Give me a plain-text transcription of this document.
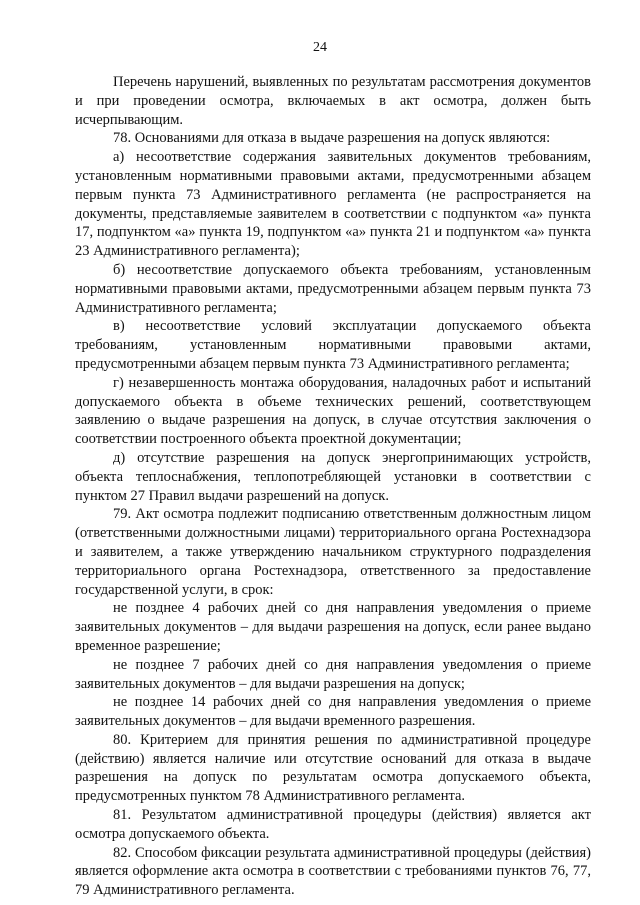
24

Перечень нарушений, выявленных по результатам рассмотрения документов и при проведении осмотра, включаемых в акт осмотра, должен быть исчерпывающим.

78. Основаниями для отказа в выдаче разрешения на допуск являются:

а) несоответствие содержания заявительных документов требованиям, установленным нормативными правовыми актами, предусмотренными абзацем первым пункта 73 Административного регламента (не распространяется на документы, представляемые заявителем в соответствии с подпунктом «а» пункта 17, подпунктом «а» пункта 19, подпунктом «а» пункта 21 и подпунктом «а» пункта 23 Административного регламента);

б) несоответствие допускаемого объекта требованиям, установленным нормативными правовыми актами, предусмотренными абзацем первым пункта 73 Административного регламента;

в) несоответствие условий эксплуатации допускаемого объекта требованиям, установленным нормативными правовыми актами, предусмотренными абзацем первым пункта 73 Административного регламента;

г) незавершенность монтажа оборудования, наладочных работ и испытаний допускаемого объекта в объеме технических решений, соответствующем заявлению о выдаче разрешения на допуск, в случае отсутствия заключения о соответствии построенного объекта проектной документации;

д) отсутствие разрешения на допуск энергопринимающих устройств, объекта теплоснабжения, теплопотребляющей установки в соответствии с пунктом 27 Правил выдачи разрешений на допуск.

79. Акт осмотра подлежит подписанию ответственным должностным лицом (ответственными должностными лицами) территориального органа Ростехнадзора и заявителем, а также утверждению начальником структурного подразделения территориального органа Ростехнадзора, ответственного за предоставление государственной услуги, в срок:

не позднее 4 рабочих дней со дня направления уведомления о приеме заявительных документов – для выдачи разрешения на допуск, если ранее выдано временное разрешение;

не позднее 7 рабочих дней со дня направления уведомления о приеме заявительных документов – для выдачи разрешения на допуск;

не позднее 14 рабочих дней со дня направления уведомления о приеме заявительных документов – для выдачи временного разрешения.

80. Критерием для принятия решения по административной процедуре (действию) является наличие или отсутствие оснований для отказа в выдаче разрешения на допуск по результатам осмотра допускаемого объекта, предусмотренных пунктом 78 Административного регламента.

81. Результатом административной процедуры (действия) является акт осмотра допускаемого объекта.

82. Способом фиксации результата административной процедуры (действия) является оформление акта осмотра в соответствии с требованиями пунктов 76, 77, 79 Административного регламента.
